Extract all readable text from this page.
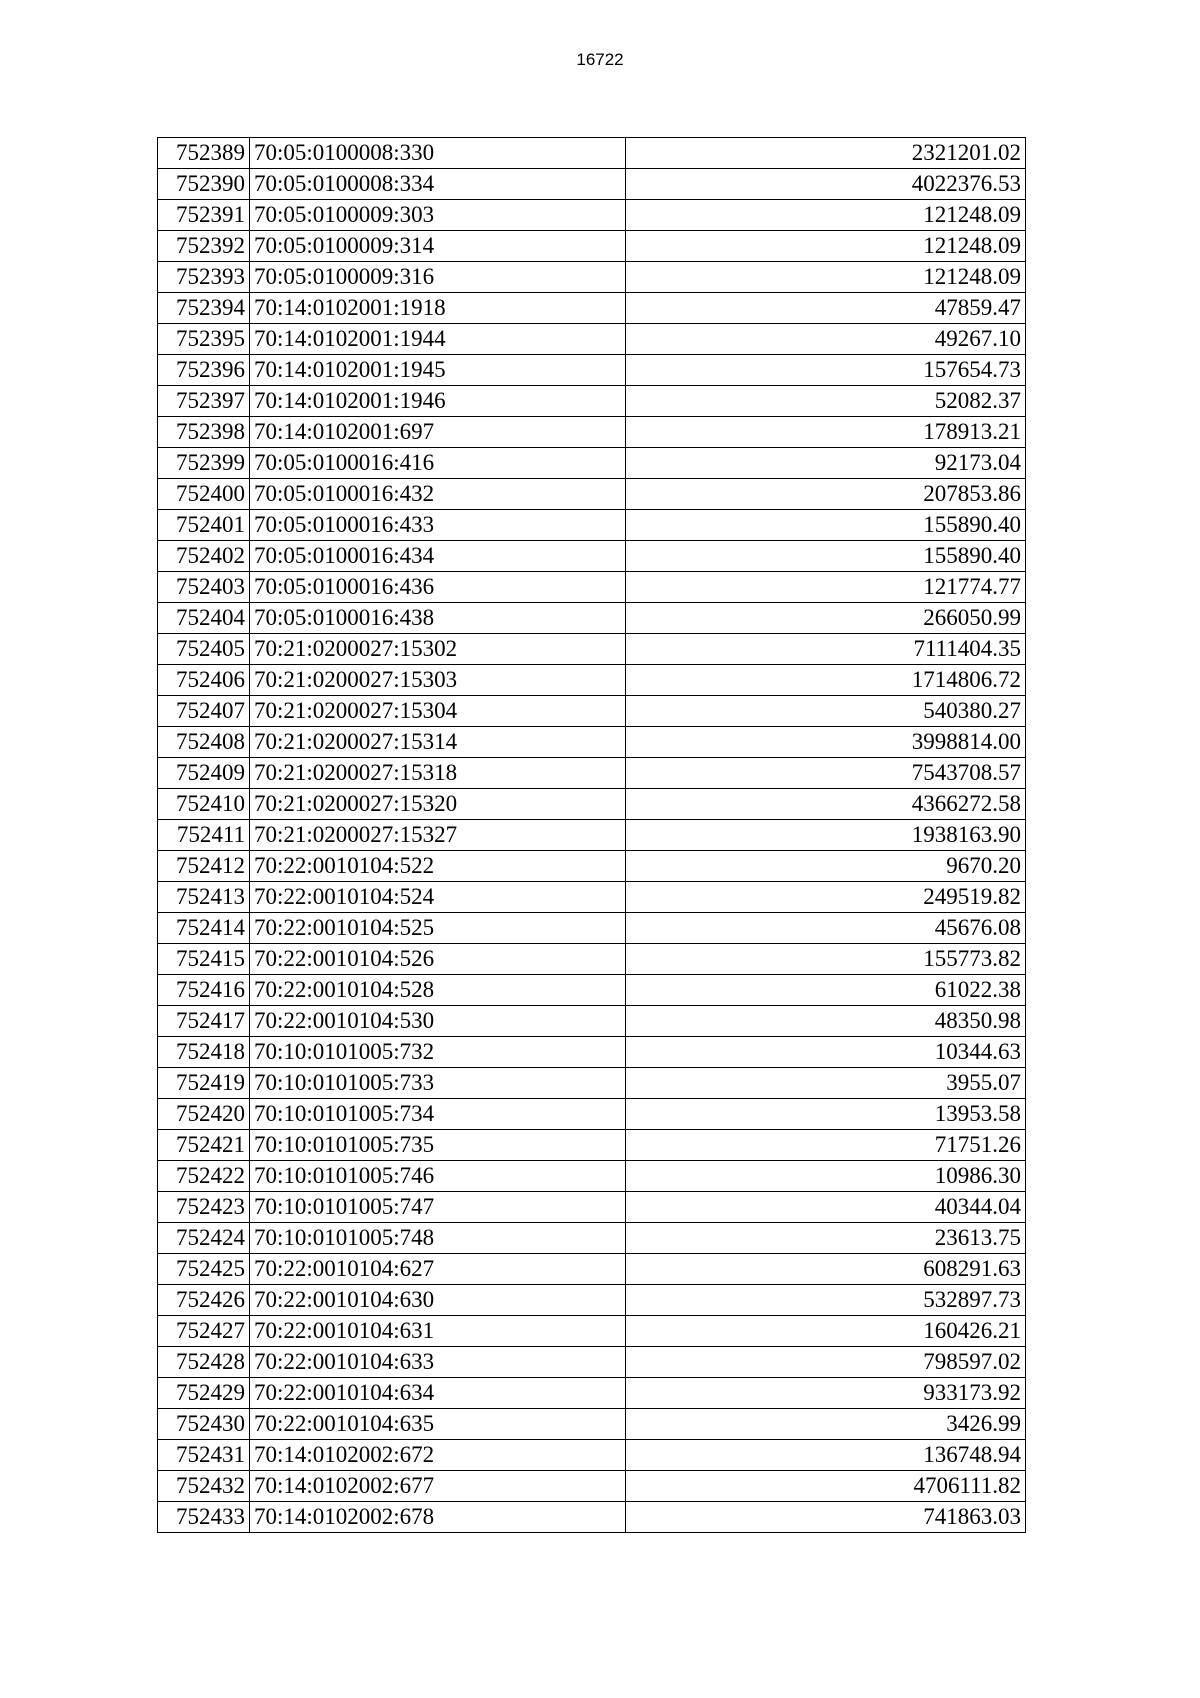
16722
752389	70:05:0100008:330	2321201.02
752390	70:05:0100008:334	4022376.53
752391	70:05:0100009:303	121248.09
752392	70:05:0100009:314	121248.09
752393	70:05:0100009:316	121248.09
752394	70:14:0102001:1918	47859.47
752395	70:14:0102001:1944	49267.10
752396	70:14:0102001:1945	157654.73
752397	70:14:0102001:1946	52082.37
752398	70:14:0102001:697	178913.21
752399	70:05:0100016:416	92173.04
752400	70:05:0100016:432	207853.86
752401	70:05:0100016:433	155890.40
752402	70:05:0100016:434	155890.40
752403	70:05:0100016:436	121774.77
752404	70:05:0100016:438	266050.99
752405	70:21:0200027:15302	7111404.35
752406	70:21:0200027:15303	1714806.72
752407	70:21:0200027:15304	540380.27
752408	70:21:0200027:15314	3998814.00
752409	70:21:0200027:15318	7543708.57
752410	70:21:0200027:15320	4366272.58
752411	70:21:0200027:15327	1938163.90
752412	70:22:0010104:522	9670.20
752413	70:22:0010104:524	249519.82
752414	70:22:0010104:525	45676.08
752415	70:22:0010104:526	155773.82
752416	70:22:0010104:528	61022.38
752417	70:22:0010104:530	48350.98
752418	70:10:0101005:732	10344.63
752419	70:10:0101005:733	3955.07
752420	70:10:0101005:734	13953.58
752421	70:10:0101005:735	71751.26
752422	70:10:0101005:746	10986.30
752423	70:10:0101005:747	40344.04
752424	70:10:0101005:748	23613.75
752425	70:22:0010104:627	608291.63
752426	70:22:0010104:630	532897.73
752427	70:22:0010104:631	160426.21
752428	70:22:0010104:633	798597.02
752429	70:22:0010104:634	933173.92
752430	70:22:0010104:635	3426.99
752431	70:14:0102002:672	136748.94
752432	70:14:0102002:677	4706111.82
752433	70:14:0102002:678	741863.03
